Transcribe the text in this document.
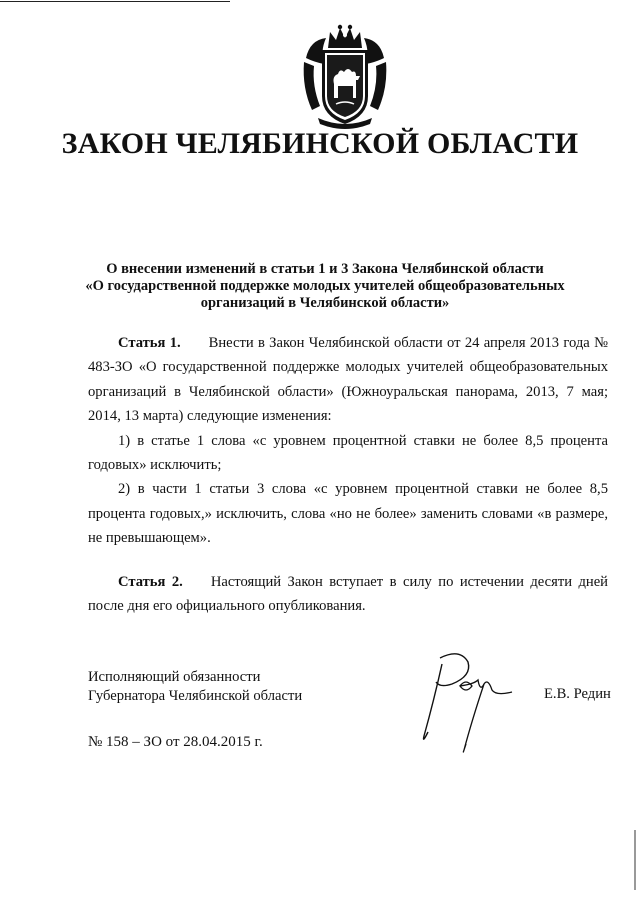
ЗАКОН ЧЕЛЯБИНСКОЙ ОБЛАСТИ
О внесении изменений в статьи 1 и 3 Закона Челябинской области
«О государственной поддержке молодых учителей общеобразовательных
организаций в Челябинской области»
Статья 1. Внести в Закон Челябинской области от 24 апреля 2013 года № 483-ЗО «О государственной поддержке молодых учителей общеобразовательных организаций в Челябинской области» (Южноуральская панорама, 2013, 7 мая; 2014, 13 марта) следующие изменения:
1) в статье 1 слова «с уровнем процентной ставки не более 8,5 процента годовых» исключить;
2) в части 1 статьи 3 слова «с уровнем процентной ставки не более 8,5 процента годовых,» исключить, слова «но не более» заменить словами «в размере, не превышающем».
Статья 2. Настоящий Закон вступает в силу по истечении десяти дней после дня его официального опубликования.
Исполняющий обязанности
Губернатора Челябинской области	Е.В. Редин
№ 158 – ЗО от 28.04.2015 г.
